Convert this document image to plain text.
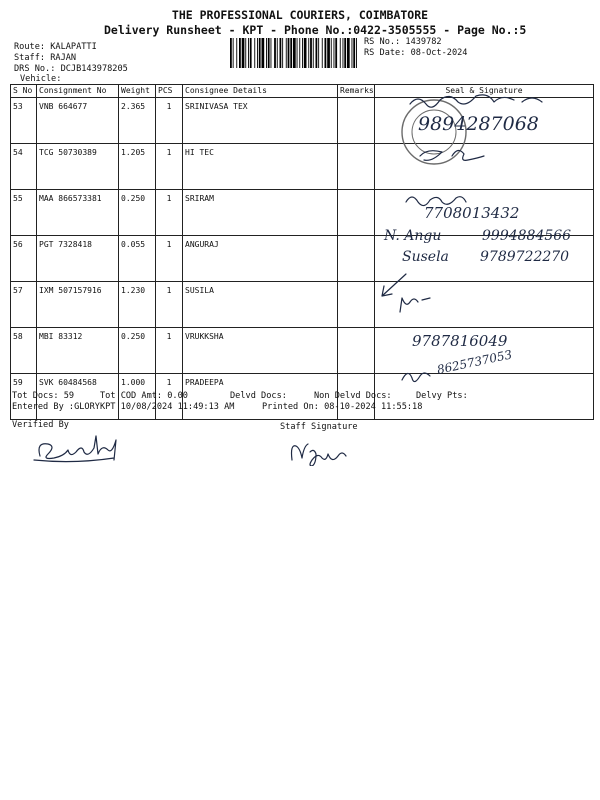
THE PROFESSIONAL COURIERS, COIMBATORE
Delivery Runsheet - KPT - Phone No.:0422-3505555 - Page No.:5
Route: KALAPATTI
Staff: RAJAN
DRS No.: DCJB143978205
Vehicle:
RS No.: 1439782
RS Date: 08-Oct-2024
S No	Consignment No	Weight	PCS	Consignee Details	Remarks	Seal & Signature
53	VNB 664677	2.365	1	SRINIVASA TEX		
54	TCG 50730389	1.205	1	HI TEC		
55	MAA 866573381	0.250	1	SRIRAM		
56	PGT 7328418	0.055	1	ANGURAJ		
57	IXM 507157916	1.230	1	SUSILA		
58	MBI 83312	0.250	1	VRUKKSHA		
59	SVK 60484568	1.000	1	PRADEEPA		
9894287068
7708013432
N. Angu	9994884566
Susela 9789722270
9787816049
8625737053
Tot Docs: 59	Tot COD Amt: 0.00	Delvd Docs:	Non Delvd Docs:	Delvy Pts:
Entered By :GLORYKPT 10/08/2024 11:49:13 AM	Printed On: 08-10-2024 11:55:18
Verified By	Staff Signature
